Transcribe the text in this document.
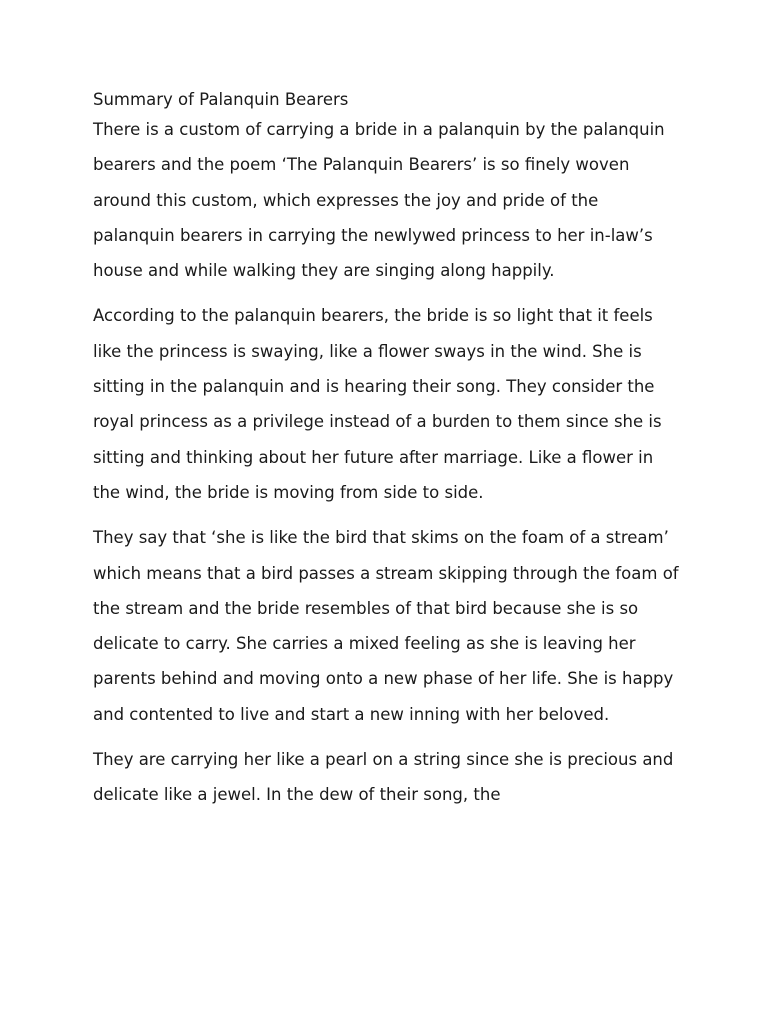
Summary of Palanquin Bearers

There is a custom of carrying a bride in a palanquin by the palanquin bearers and the poem ‘The Palanquin Bearers’ is so finely woven around this custom, which expresses the joy and pride of the palanquin bearers in carrying the newlywed princess to her in-law’s house and while walking they are singing along happily.

According to the palanquin bearers, the bride is so light that it feels like the princess is swaying, like a flower sways in the wind. She is sitting in the palanquin and is hearing their song. They consider the royal princess as a privilege instead of a burden to them since she is sitting and thinking about her future after marriage. Like a flower in the wind, the bride is moving from side to side.

They say that ‘she is like the bird that skims on the foam of a stream’ which means that a bird passes a stream skipping through the foam of the stream and the bride resembles of that bird because she is so delicate to carry. She carries a mixed feeling as she is leaving her parents behind and moving onto a new phase of her life. She is happy and contented to live and start a new inning with her beloved.

They are carrying her like a pearl on a string since she is precious and delicate like a jewel. In the dew of their song, the
